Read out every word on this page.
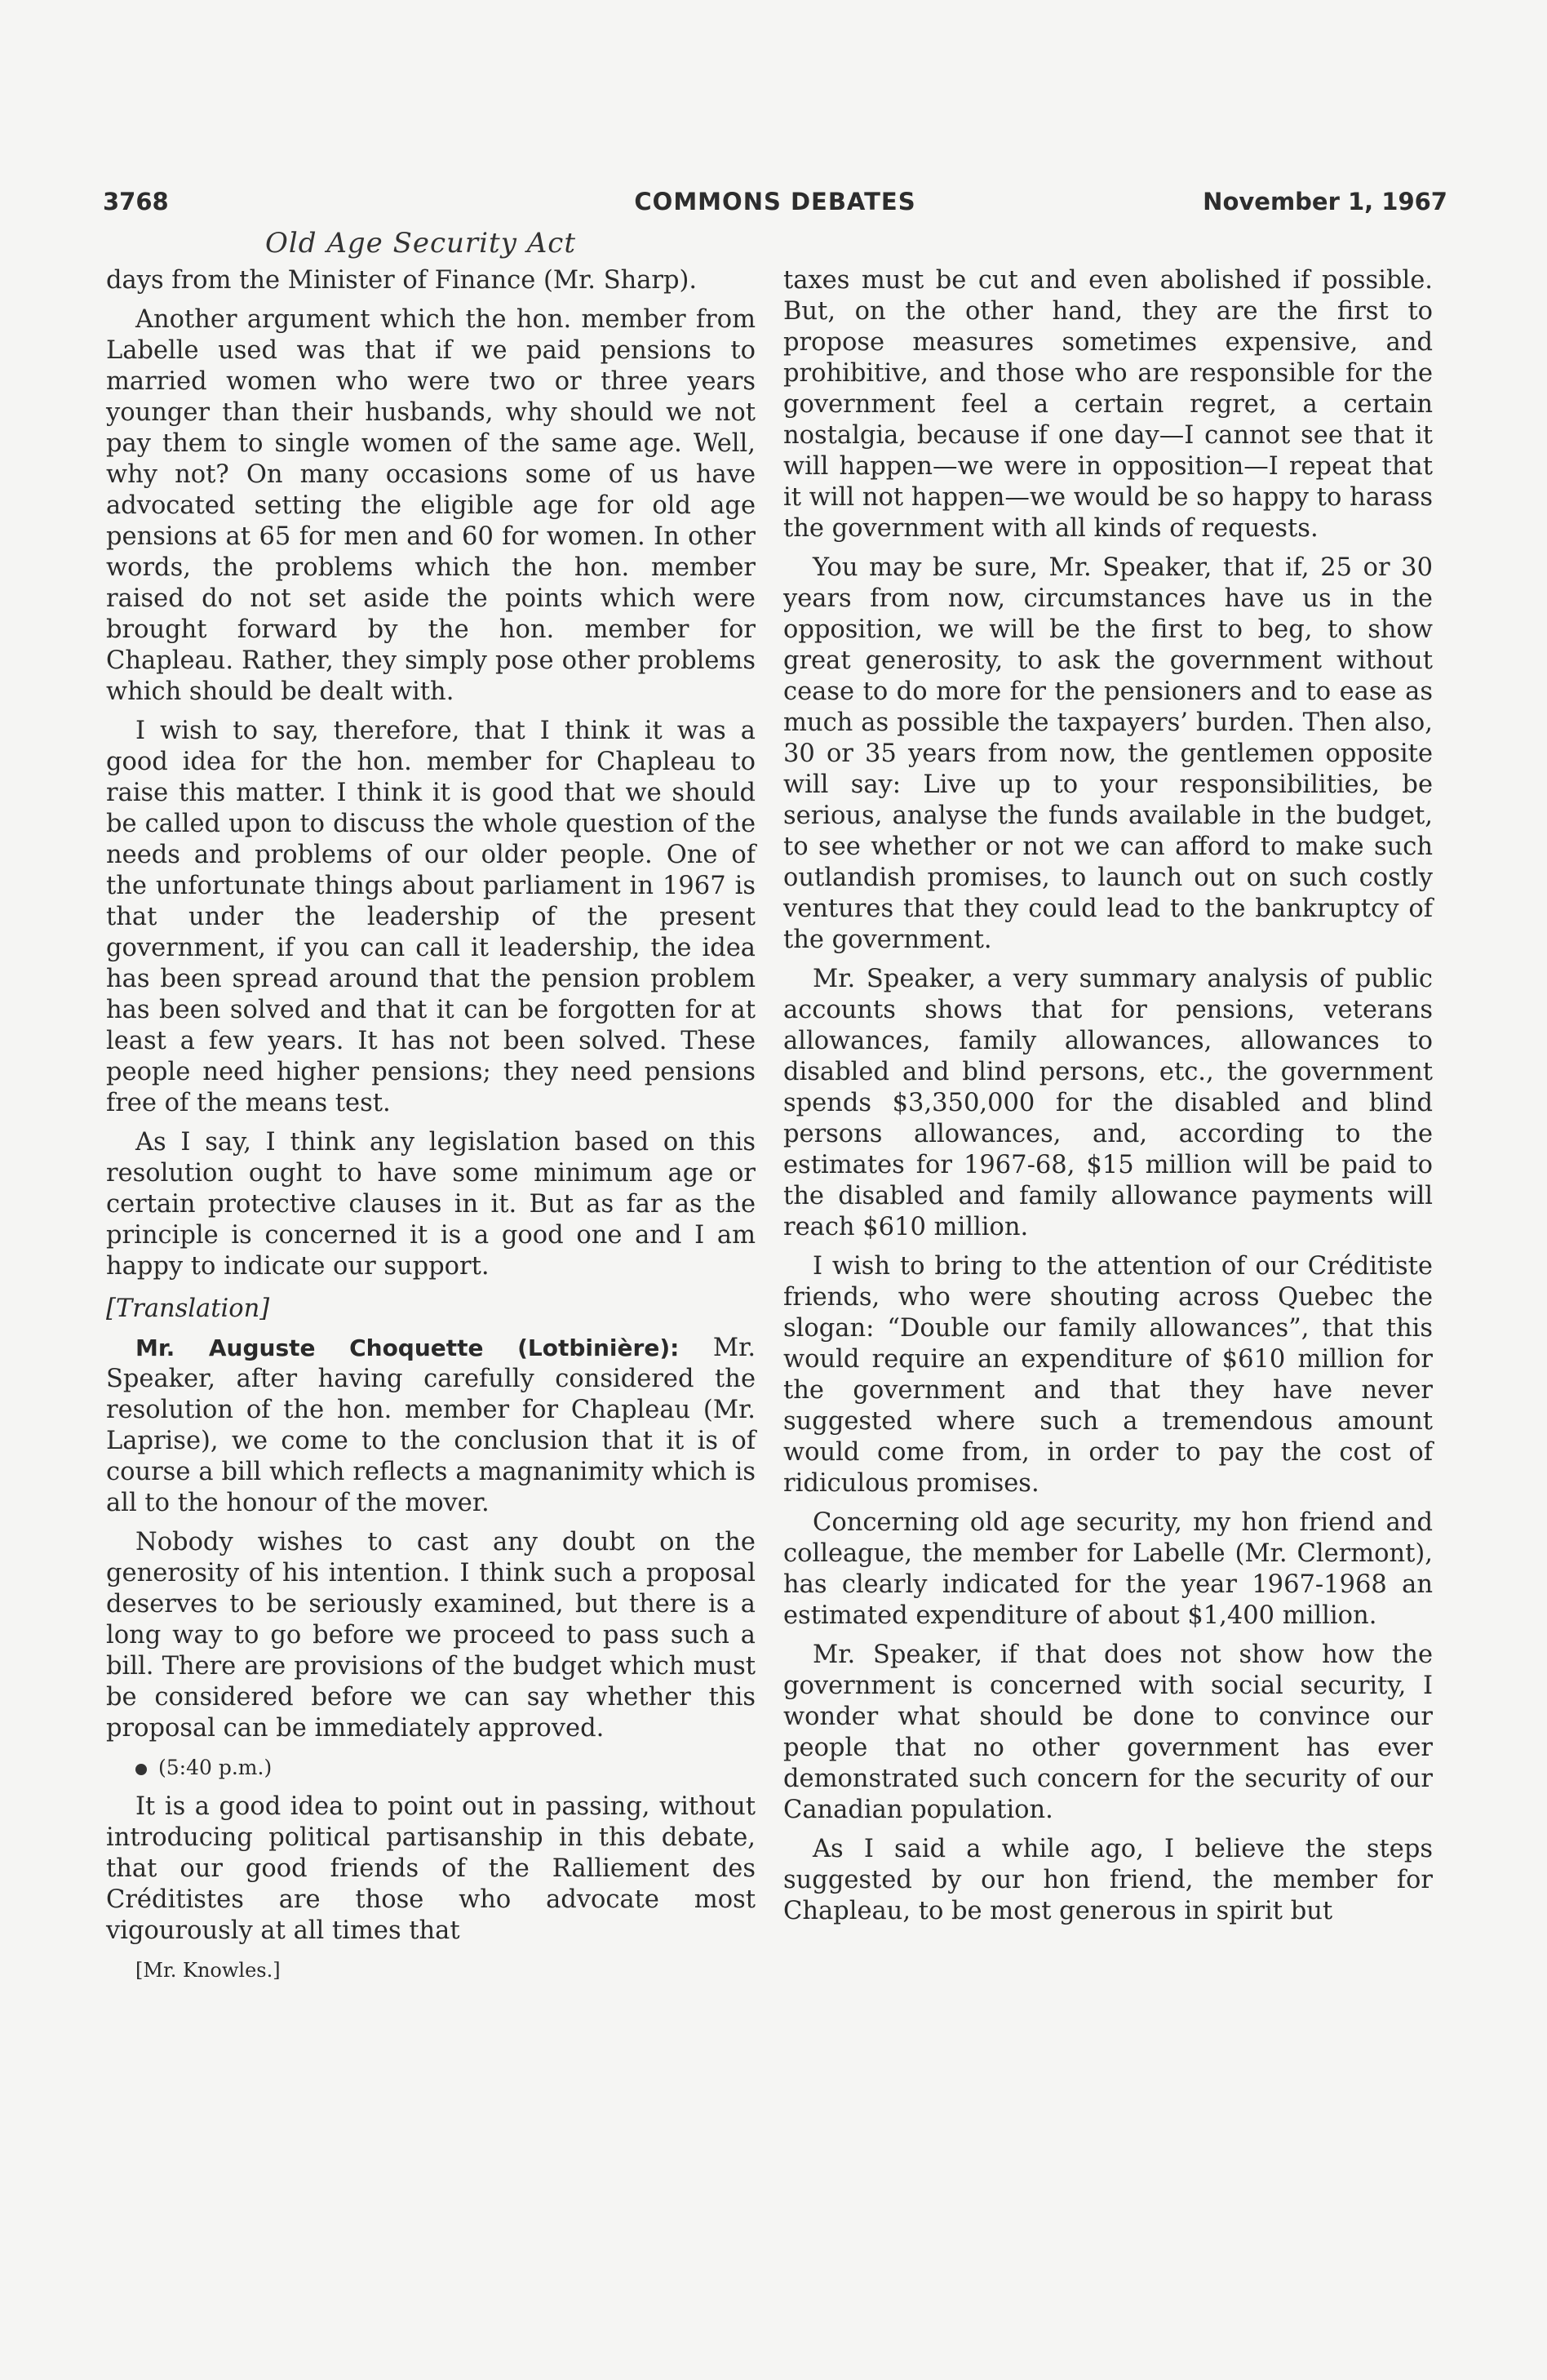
3768	COMMONS DEBATES	November 1, 1967
Old Age Security Act

days from the Minister of Finance (Mr. Sharp).

Another argument which the hon. member from Labelle used was that if we paid pensions to married women who were two or three years younger than their husbands, why should we not pay them to single women of the same age. Well, why not? On many occasions some of us have advocated setting the eligible age for old age pensions at 65 for men and 60 for women. In other words, the problems which the hon. member raised do not set aside the points which were brought forward by the hon. member for Chapleau. Rather, they simply pose other problems which should be dealt with.

I wish to say, therefore, that I think it was a good idea for the hon. member for Chapleau to raise this matter. I think it is good that we should be called upon to discuss the whole question of the needs and problems of our older people. One of the unfortunate things about parliament in 1967 is that under the leadership of the present government, if you can call it leadership, the idea has been spread around that the pension problem has been solved and that it can be forgotten for at least a few years. It has not been solved. These people need higher pensions; they need pensions free of the means test.

As I say, I think any legislation based on this resolution ought to have some minimum age or certain protective clauses in it. But as far as the principle is concerned it is a good one and I am happy to indicate our support.

[Translation]

Mr. Auguste Choquette (Lotbinière): Mr. Speaker, after having carefully considered the resolution of the hon. member for Chapleau (Mr. Laprise), we come to the conclusion that it is of course a bill which reflects a magnanimity which is all to the honour of the mover.

Nobody wishes to cast any doubt on the generosity of his intention. I think such a proposal deserves to be seriously examined, but there is a long way to go before we proceed to pass such a bill. There are provisions of the budget which must be considered before we can say whether this proposal can be immediately approved.

(5:40 p.m.)

It is a good idea to point out in passing, without introducing political partisanship in this debate, that our good friends of the Ralliement des Créditistes are those who advocate most vigourously at all times that

[Mr. Knowles.]

taxes must be cut and even abolished if possible. But, on the other hand, they are the first to propose measures sometimes expensive, and prohibitive, and those who are responsible for the government feel a certain regret, a certain nostalgia, because if one day—I cannot see that it will happen—we were in opposition—I repeat that it will not happen—we would be so happy to harass the government with all kinds of requests.

You may be sure, Mr. Speaker, that if, 25 or 30 years from now, circumstances have us in the opposition, we will be the first to beg, to show great generosity, to ask the government without cease to do more for the pensioners and to ease as much as possible the taxpayers’ burden. Then also, 30 or 35 years from now, the gentlemen opposite will say: Live up to your responsibilities, be serious, analyse the funds available in the budget, to see whether or not we can afford to make such outlandish promises, to launch out on such costly ventures that they could lead to the bankruptcy of the government.

Mr. Speaker, a very summary analysis of public accounts shows that for pensions, veterans allowances, family allowances, allowances to disabled and blind persons, etc., the government spends $3,350,000 for the disabled and blind persons allowances, and, according to the estimates for 1967-68, $15 million will be paid to the disabled and family allowance payments will reach $610 million.

I wish to bring to the attention of our Créditiste friends, who were shouting across Quebec the slogan: “Double our family allowances”, that this would require an expenditure of $610 million for the government and that they have never suggested where such a tremendous amount would come from, in order to pay the cost of ridiculous promises.

Concerning old age security, my hon friend and colleague, the member for Labelle (Mr. Clermont), has clearly indicated for the year 1967-1968 an estimated expenditure of about $1,400 million.

Mr. Speaker, if that does not show how the government is concerned with social security, I wonder what should be done to convince our people that no other government has ever demonstrated such concern for the security of our Canadian population.

As I said a while ago, I believe the steps suggested by our hon friend, the member for Chapleau, to be most generous in spirit but
